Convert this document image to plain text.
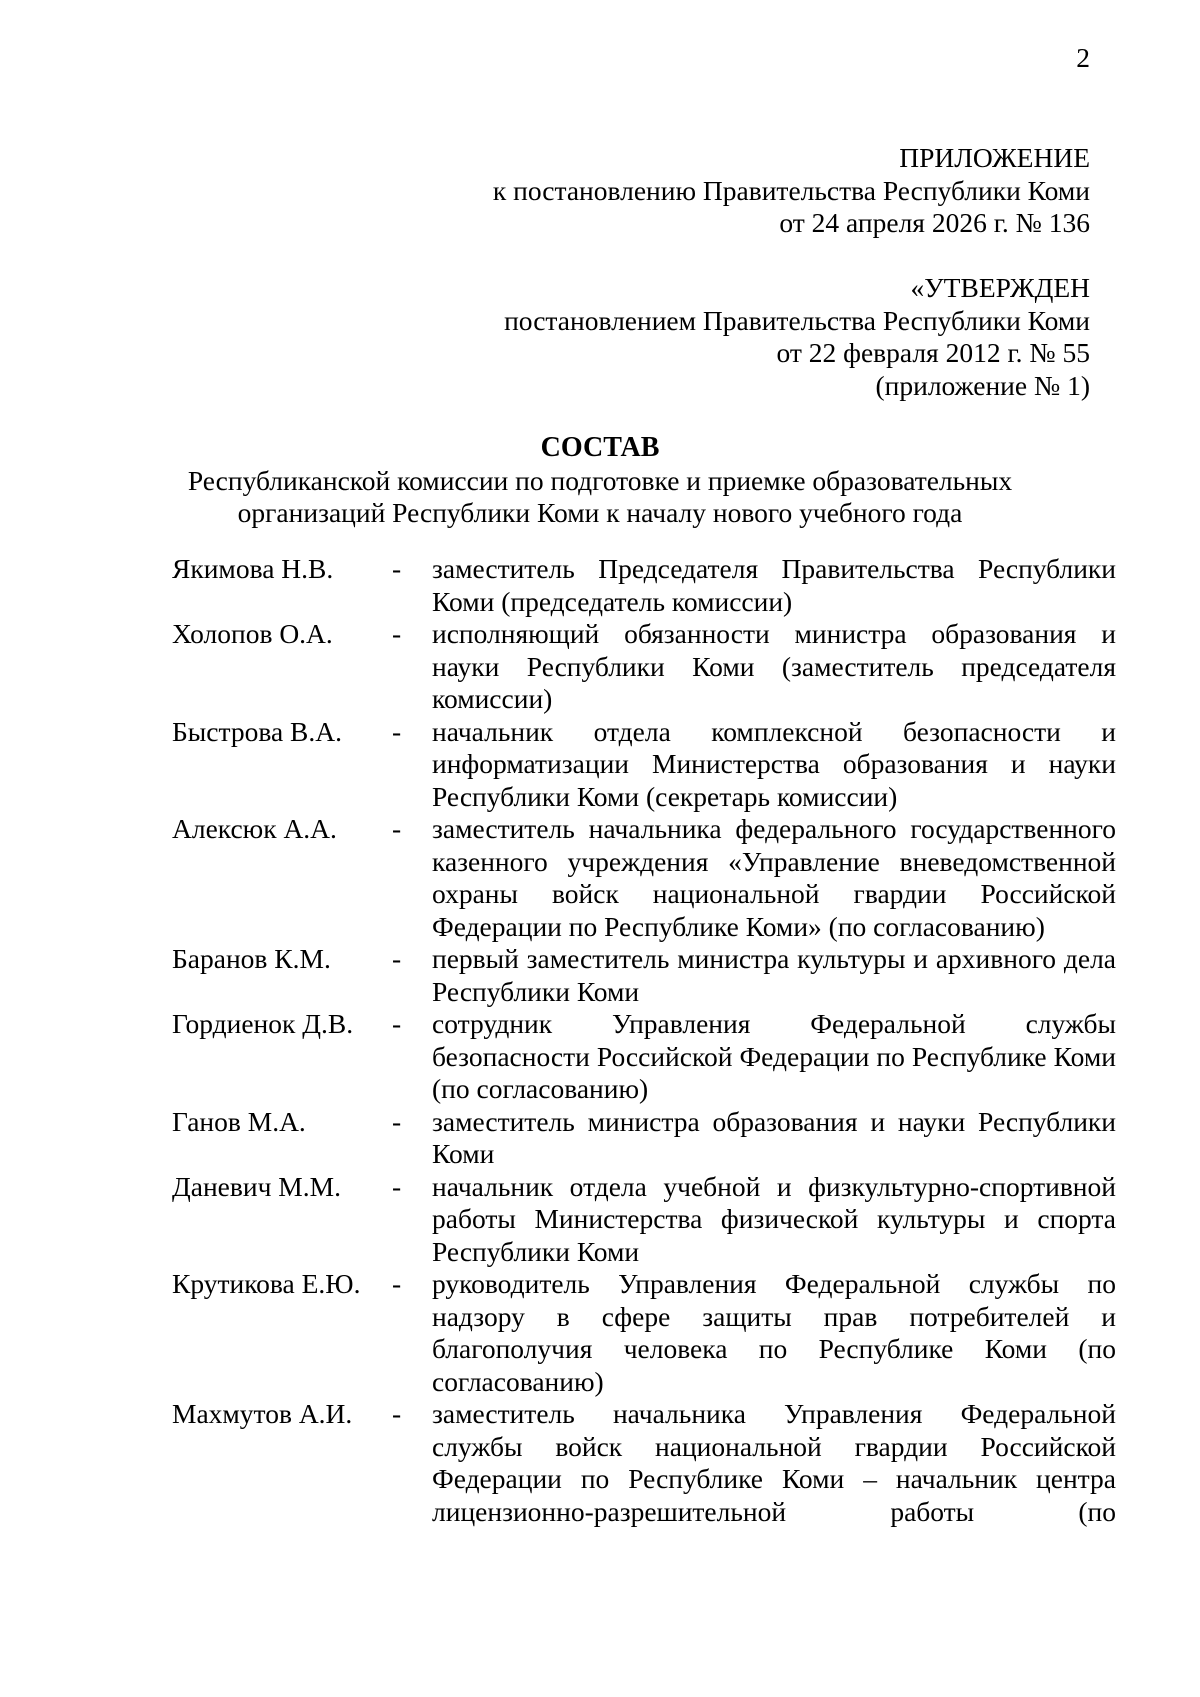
2
ПРИЛОЖЕНИЕ
к постановлению Правительства Республики Коми
от 24 апреля 2026 г. № 136
«УТВЕРЖДЕН
постановлением Правительства Республики Коми
от 22 февраля 2012 г. № 55
(приложение № 1)
СОСТАВ
Республиканской комиссии по подготовке и приемке образовательных
организаций Республики Коми к началу нового учебного года
Якимова Н.В.	-	заместитель Председателя Правительства Республики Коми (председатель комиссии)
Холопов О.А.	-	исполняющий обязанности министра образования и науки Республики Коми (заместитель председателя комиссии)
Быстрова В.А.	-	начальник отдела комплексной безопасности и информатизации Министерства образования и науки Республики Коми (секретарь комиссии)
Алексюк А.А.	-	заместитель начальника федерального государственного казенного учреждения «Управление вневедомственной охраны войск национальной гвардии Российской Федерации по Республике Коми» (по согласованию)
Баранов К.М.	-	первый заместитель министра культуры и архивного дела Республики Коми
Гордиенок Д.В.	-	сотрудник Управления Федеральной службы безопасности Российской Федерации по Республике Коми (по согласованию)
Ганов М.А.	-	заместитель министра образования и науки Республики Коми
Даневич М.М.	-	начальник отдела учебной и физкультурно-спортивной работы Министерства физической культуры и спорта Республики Коми
Крутикова Е.Ю.	-	руководитель Управления Федеральной службы по надзору в сфере защиты прав потребителей и благополучия человека по Республике Коми (по согласованию)
Махмутов А.И.	-	заместитель начальника Управления Федеральной службы войск национальной гвардии Российской Федерации по Республике Коми – начальник центра лицензионно-разрешительной работы (по
